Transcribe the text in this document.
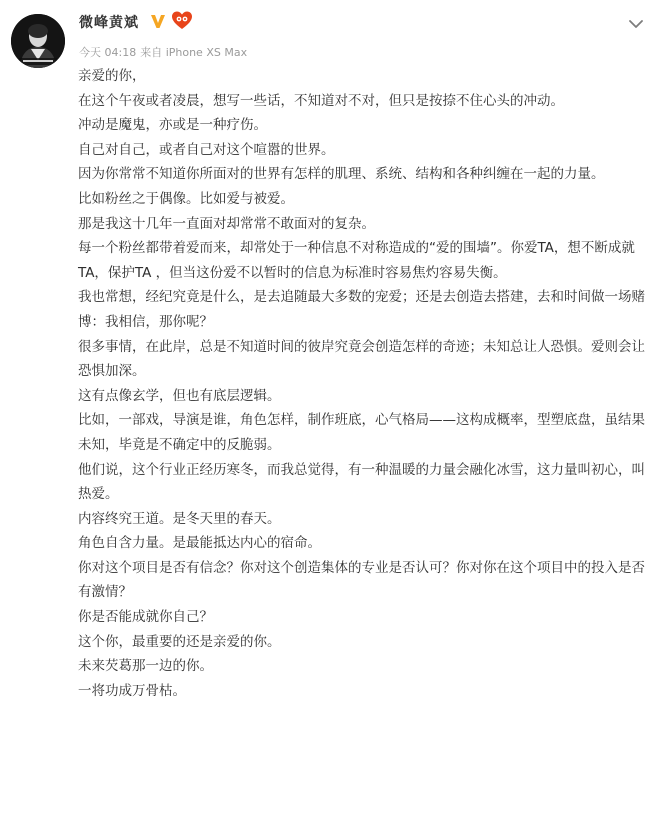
微峰黄斌
今天 04:18 来自 iPhone XS Max

亲爱的你，

在这个午夜或者凌晨，想写一些话，不知道对不对，但只是按捺不住心头的冲动。

冲动是魔鬼，亦或是一种疗伤。

自己对自己，或者自己对这个喧嚣的世界。

因为你常常不知道你所面对的世界有怎样的肌理、系统、结构和各种纠缠在一起的力量。

比如粉丝之于偶像。比如爱与被爱。

那是我这十几年一直面对却常常不敢面对的复杂。

每一个粉丝都带着爱而来，却常处于一种信息不对称造成的“爱的围墙”。你爱TA，想不断成就TA，保护TA ，但当这份爱不以暂时的信息为标准时容易焦灼容易失衡。

我也常想，经纪究竟是什么，是去追随最大多数的宠爱；还是去创造去搭建，去和时间做一场赌博：我相信，那你呢？

很多事情，在此岸，总是不知道时间的彼岸究竟会创造怎样的奇迹；未知总让人恐惧。爱则会让恐惧加深。

这有点像玄学，但也有底层逻辑。

比如，一部戏，导演是谁，角色怎样，制作班底，心气格局——这构成概率，型塑底盘，虽结果未知，毕竟是不确定中的反脆弱。

他们说，这个行业正经历寒冬，而我总觉得，有一种温暖的力量会融化冰雪，这力量叫初心，叫热爱。

内容终究王道。是冬天里的春天。

角色自含力量。是最能抵达内心的宿命。

你对这个项目是否有信念？你对这个创造集体的专业是否认可？你对你在这个项目中的投入是否有激情？

你是否能成就你自己？

这个你，最重要的还是亲爱的你。

未来芡葛那一边的你。

一将功成万骨枯。
